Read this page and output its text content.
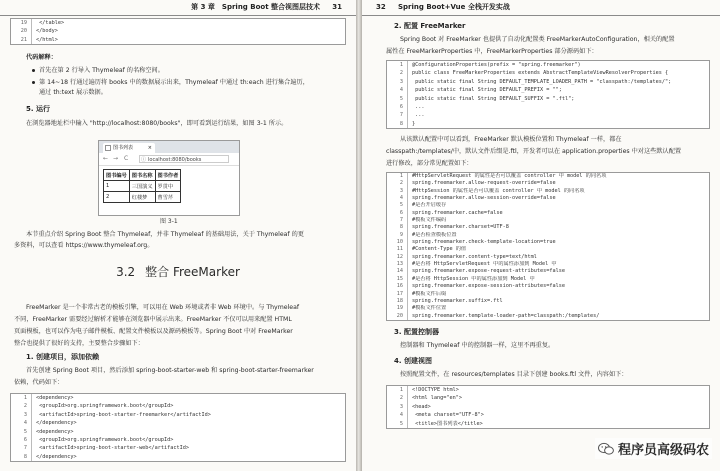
第 3 章　Spring Boot 整合视图层技术 31
19 </table>
20 </body>
21 </html>
代码解释：
首先在第 2 行导入 Thymeleaf 的名称空间。
第 14~18 行通过遍历将 books 中的数据展示出来，Thymeleaf 中通过 th:each 进行集合遍历，
通过 th:text 展示数据。
5. 运行
在浏览器地址栏中输入 "http://localhost:8080/books"，即可看到运行结果，如图 3-1 所示。
图书列表	×
← → C	ⓘ localhost:8080/books
图书编号	图书名称	图书作者
1	三国演义	罗贯中
2	红楼梦	曹雪芹
图 3-1
本节重点介绍 Spring Boot 整合 Thymeleaf，并非 Thymeleaf 的基础用法，关于 Thymeleaf 的更
多资料，可以查看 https://www.thymeleaf.org。
3.2 整合 FreeMarker
FreeMarker 是一个非常古老的模板引擎，可以用在 Web 环境或者非 Web 环境中。与 Thymeleaf
不同，FreeMarker 需要经过解析才能够在浏览器中展示出来。FreeMarker 不仅可以用来配置 HTML
页面模板，也可以作为电子邮件模板、配置文件模板以及源码模板等。Spring Boot 中对 FreeMarker
整合也提供了很好的支持，主要整合步骤如下：
1. 创建项目，添加依赖
首先创建 Spring Boot 项目，然后添加 spring-boot-starter-web 和 spring-boot-starter-freemarker
依赖，代码如下：
1 <dependency>
2 <groupId>org.springframework.boot</groupId>
3 <artifactId>spring-boot-starter-freemarker</artifactId>
4 </dependency>
5 <dependency>
6 <groupId>org.springframework.boot</groupId>
7 <artifactId>spring-boot-starter-web</artifactId>
8 </dependency>
32 Spring Boot+Vue 全栈开发实战
2. 配置 FreeMarker
Spring Boot 对 FreeMarker 也提供了自动化配置类 FreeMarkerAutoConfiguration，相关的配置
属性在 FreeMarkerProperties 中，FreeMarkerProperties 部分源码如下：
1 @ConfigurationProperties(prefix = "spring.freemarker")
2 public class FreeMarkerProperties extends AbstractTemplateViewResolverProperties {
3 public static final String DEFAULT_TEMPLATE_LOADER_PATH = "classpath:/templates/";
4 public static final String DEFAULT_PREFIX = "";
5 public static final String DEFAULT_SUFFIX = ".ftl";
6 ...
7 ...
8 }
从该默认配置中可以看到，FreeMarker 默认模板位置和 Thymeleaf 一样，都在
classpath:/templates/中，默认文件后缀是.ftl，开发者可以在 application.properties 中对这些默认配置
进行修改，部分常见配置如下：
1 #HttpServletRequest 的属性是否可以覆盖 controller 中 model 的同名项
2 spring.freemarker.allow-request-override=false
3 #HttpSession 的属性是否可以覆盖 controller 中 model 的同名项
4 spring.freemarker.allow-session-override=false
5 #是否开启缓存
6 spring.freemarker.cache=false
7 #模板文件编码
8 spring.freemarker.charset=UTF-8
9 #是否检查模板位置
10 spring.freemarker.check-template-location=true
11 #Content-Type 的值
12 spring.freemarker.content-type=text/html
13 #是否将 HttpServletRequest 中的属性添加到 Model 中
14 spring.freemarker.expose-request-attributes=false
15 #是否将 HttpSession 中的属性添加到 Model 中
16 spring.freemarker.expose-session-attributes=false
17 #模板文件后缀
18 spring.freemarker.suffix=.ftl
19 #模板文件位置
20 spring.freemarker.template-loader-path=classpath:/templates/
3. 配置控制器
控制器和 Thymeleaf 中的控制器一样，这里不再重复。
4. 创建视图
按照配置文件，在 resources/templates 目录下创建 books.ftl 文件，内容如下：
1 <!DOCTYPE html>
2 <html lang="en">
3 <head>
4 <meta charset="UTF-8">
5 <title>图书列表</title>
程序员高级码农
